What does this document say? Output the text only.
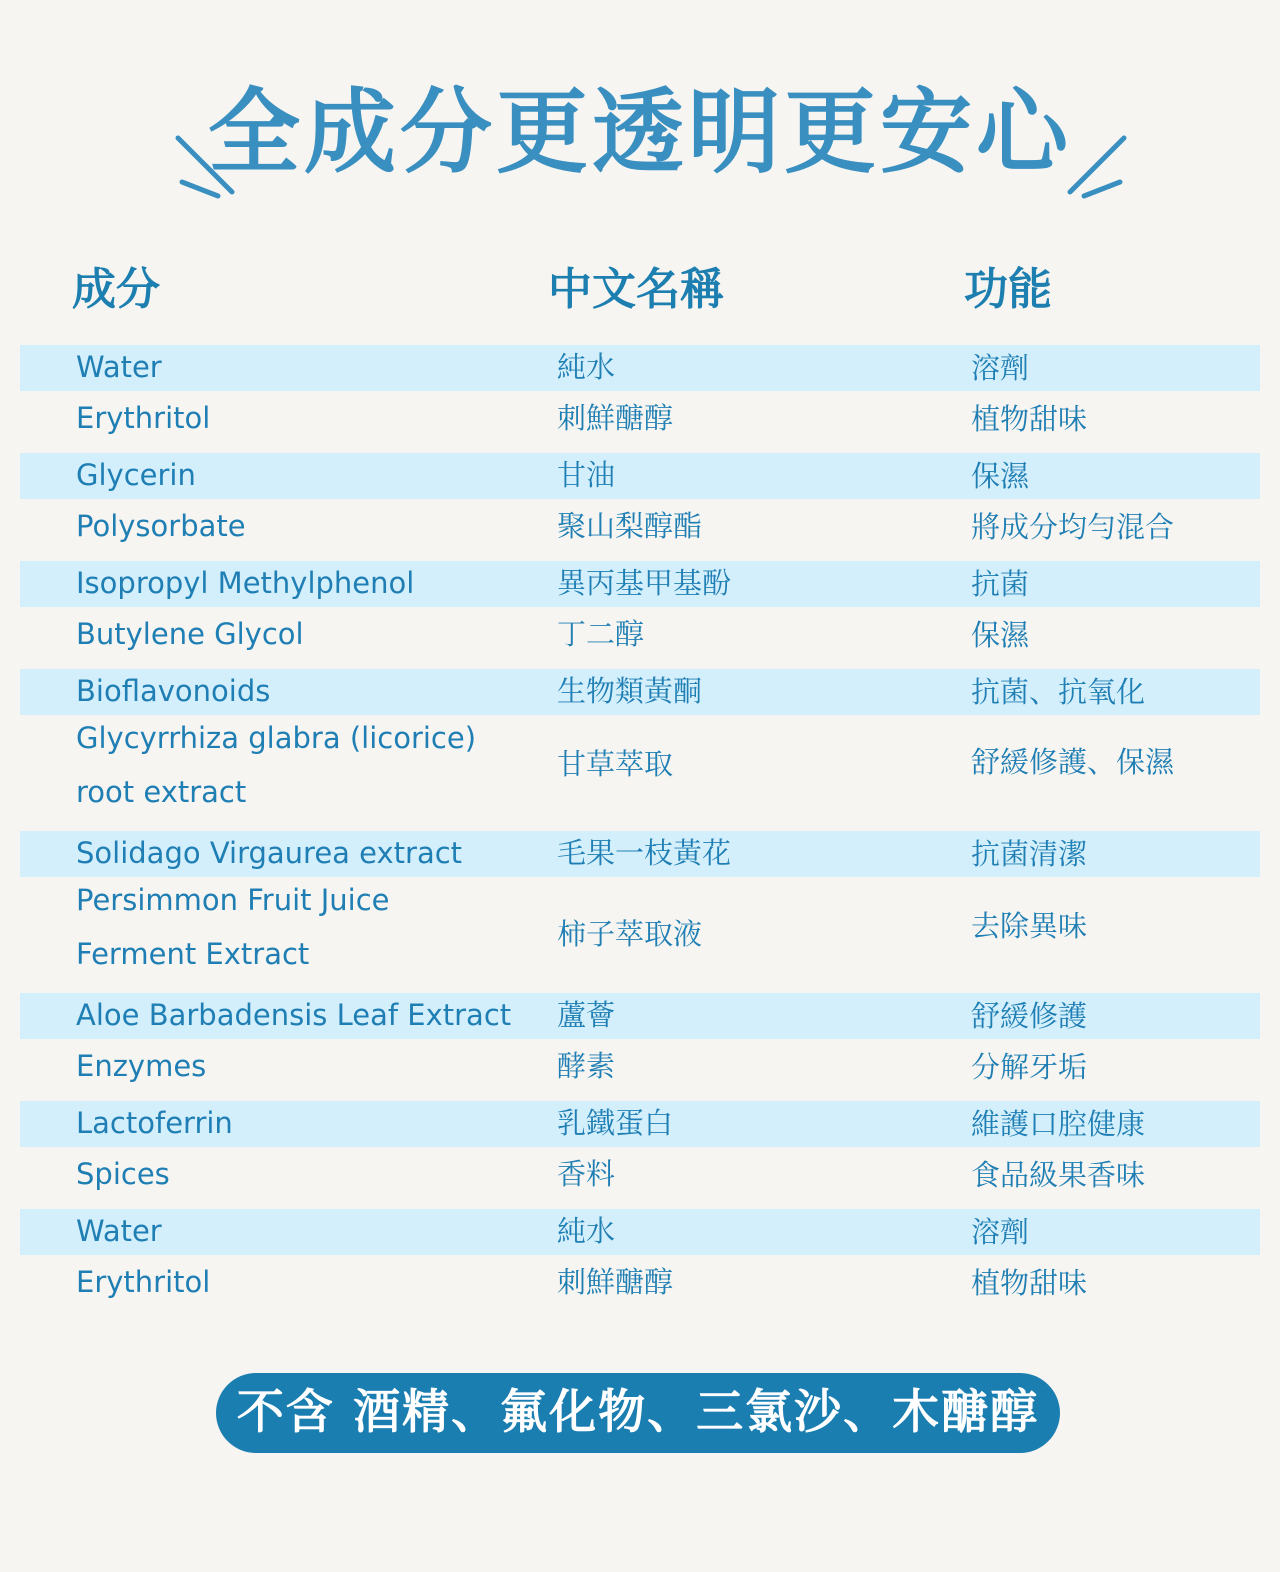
全成分更透明更安心
成分	中文名稱	功能
Water	純水	溶劑
Erythritol	刺鮮醣醇	植物甜味
Glycerin	甘油	保濕
Polysorbate	聚山梨醇酯	將成分均勻混合
Isopropyl Methylphenol	異丙基甲基酚	抗菌
Butylene Glycol	丁二醇	保濕
Bioflavonoids	生物類黃酮	抗菌、抗氧化
Glycyrrhiza glabra (licorice)
root extract
甘草萃取	舒緩修護、保濕
Solidago Virgaurea extract	毛果一枝黃花	抗菌清潔
Persimmon Fruit Juice
Ferment Extract
柿子萃取液	去除異味
Aloe Barbadensis Leaf Extract 蘆薈	舒緩修護
Enzymes	酵素	分解牙垢
Lactoferrin	乳鐵蛋白	維護口腔健康
Spices	香料	食品級果香味
Water	純水	溶劑
Erythritol	刺鮮醣醇	植物甜味
不含 酒精、氟化物、三氯沙、木醣醇
